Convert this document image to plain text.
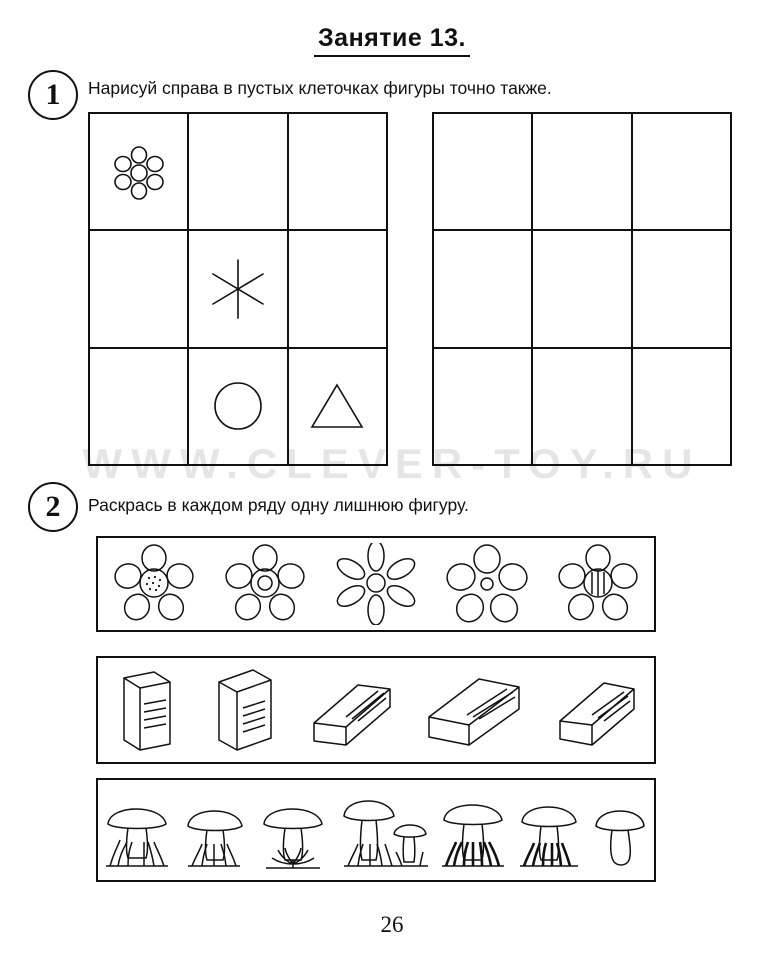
Занятие 13.
1 Нарисуй справа в пустых клеточках фигуры точно также.
WWW.CLEVER-TOY.RU
2 Раскрась в каждом ряду одну лишнюю фигуру.
26
